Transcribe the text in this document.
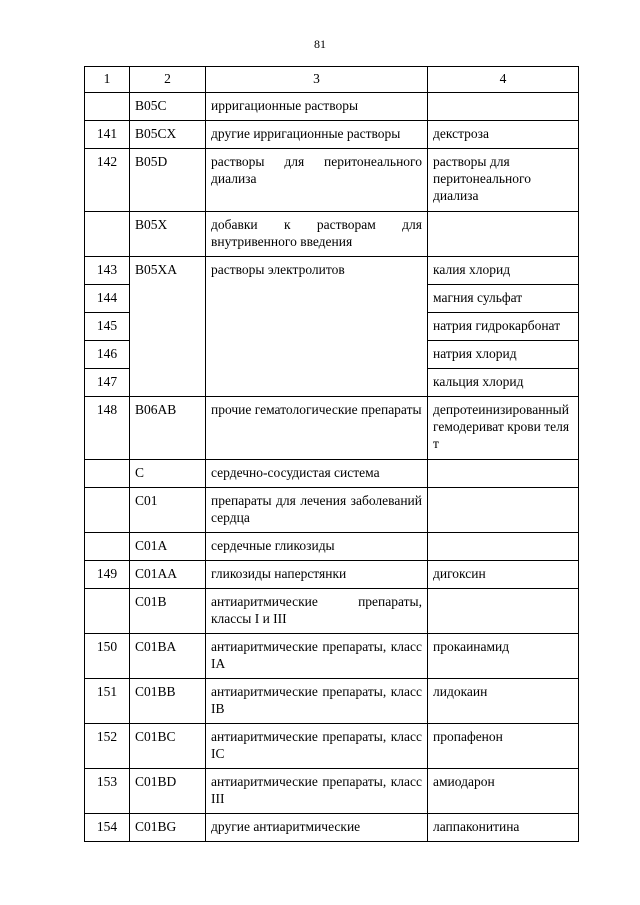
81
1	2	3	4
	B05C	ирригационные растворы	
141	B05CX	другие ирригационные растворы	декстроза
142	B05D	растворы для перитонеального диализа	растворы для перитонеального диализа
	B05X	добавки к растворам для внутривенного введения	
143	B05XA	растворы электролитов	калия хлорид
144			магния сульфат
145			натрия гидрокарбонат
146			натрия хлорид
147			кальция хлорид
148	B06AB	прочие гематологические препараты	депротеинизированный гемодериват крови телят
	C	сердечно-сосудистая система	
	C01	препараты для лечения заболеваний сердца	
	C01A	сердечные гликозиды	
149	C01AA	гликозиды наперстянки	дигоксин
	C01B	антиаритмические препараты, классы I и III	
150	C01BA	антиаритмические препараты, класс IA	прокаинамид
151	C01BB	антиаритмические препараты, класс IB	лидокаин
152	C01BC	антиаритмические препараты, класс IC	пропафенон
153	C01BD	антиаритмические препараты, класс III	амиодарон
154	C01BG	другие антиаритмические	лаппаконитина
